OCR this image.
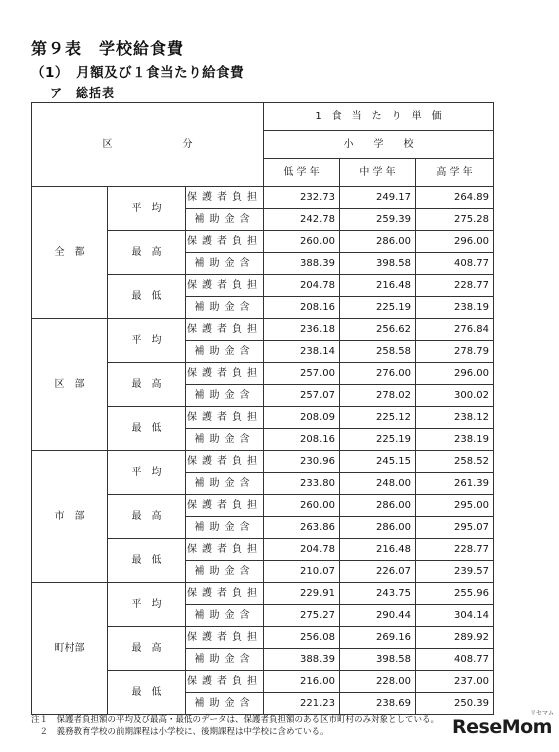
第９表　学校給食費
（1）　月額及び１食当たり給食費
ア　総括表
区　　　　　　　分			1　食　当　た　り　単　価		
			小　　学　　校		
			低 学 年	中 学 年	高 学 年
全　都	平　均	保護者負担	232.73	249.17	264.89
		補助金含	242.78	259.39	275.28
	最　高	保護者負担	260.00	286.00	296.00
		補助金含	388.39	398.58	408.77
	最　低	保護者負担	204.78	216.48	228.77
		補助金含	208.16	225.19	238.19
区　部	平　均	保護者負担	236.18	256.62	276.84
		補助金含	238.14	258.58	278.79
	最　高	保護者負担	257.00	276.00	296.00
		補助金含	257.07	278.02	300.02
	最　低	保護者負担	208.09	225.12	238.12
		補助金含	208.16	225.19	238.19
市　部	平　均	保護者負担	230.96	245.15	258.52
		補助金含	233.80	248.00	261.39
	最　高	保護者負担	260.00	286.00	295.00
		補助金含	263.86	286.00	295.07
	最　低	保護者負担	204.78	216.48	228.77
		補助金含	210.07	226.07	239.57
町村部	平　均	保護者負担	229.91	243.75	255.96
		補助金含	275.27	290.44	304.14
	最　高	保護者負担	256.08	269.16	289.92
		補助金含	388.39	398.58	408.77
	最　低	保護者負担	216.00	228.00	237.00
		補助金含	221.23	238.69	250.39
注１　保護者負担額の平均及び最高・最低のデータは、保護者負担額のある区市町村のみ対象としている。
　２　義務教育学校の前期課程は小学校に、後期課程は中学校に含めている。
リセマム
ReseMom
